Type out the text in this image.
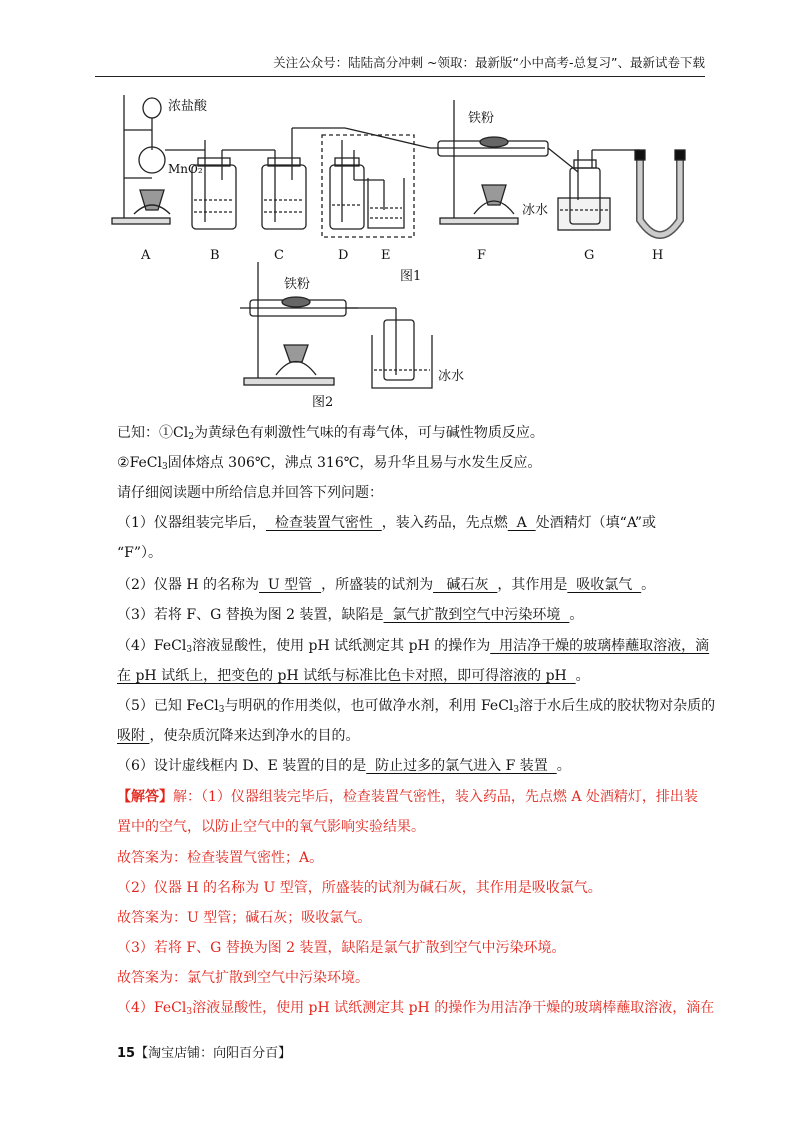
关注公众号：陆陆高分冲刺 ~领取：最新版“小中高考-总复习”、最新试卷下载
浓盐酸
MnO₂
铁粉
冰水
A	B	C	D	E	F	G	H
图1
铁粉
冰水
图2
已知：$①Cl_2$为黄绿色有刺激性气味的有毒气体，可与碱性物质反应。
②FeCl$_3$固体熔点 306℃，沸点 316℃，易升华且易与水发生反应。
请仔细阅读题中所给信息并回答下列问题：
（1）仪器组装完毕后，  检查装置气密性  ，装入药品，先点燃  A  处酒精灯（填“A”或
“F”）。
（2）仪器 H 的名称为  U 型管  ，所盛装的试剂为   碱石灰  ，其作用是  吸收氯气  。
（3）若将 F、G 替换为图 2 装置，缺陷是  氯气扩散到空气中污染环境  。
（4）FeCl$_3$溶液显酸性，使用 pH 试纸测定其 pH 的操作为  用洁净干燥的玻璃棒蘸取溶液，滴
在 pH 试纸上，把变色的 pH 试纸与标准比色卡对照，即可得溶液的 pH  。
（5）已知 FeCl$_3$与明矾的作用类似，也可做净水剂，利用 FeCl$_3$溶于水后生成的胶状物对杂质的
吸附 ，使杂质沉降来达到净水的目的。
（6）设计虚线框内 D、E 装置的目的是  防止过多的氯气进入 F 装置  。
【解答】解：（1）仪器组装完毕后，检查装置气密性，装入药品，先点燃 A 处酒精灯，排出装
置中的空气，以防止空气中的氧气影响实验结果。
故答案为：检查装置气密性；A。
（2）仪器 H 的名称为 U 型管，所盛装的试剂为碱石灰，其作用是吸收氯气。
故答案为：U 型管；碱石灰；吸收氯气。
（3）若将 F、G 替换为图 2 装置，缺陷是氯气扩散到空气中污染环境。
故答案为：氯气扩散到空气中污染环境。
（4）FeCl$_3$溶液显酸性，使用 pH 试纸测定其 pH 的操作为用洁净干燥的玻璃棒蘸取溶液，滴在
15【淘宝店铺：向阳百分百】
